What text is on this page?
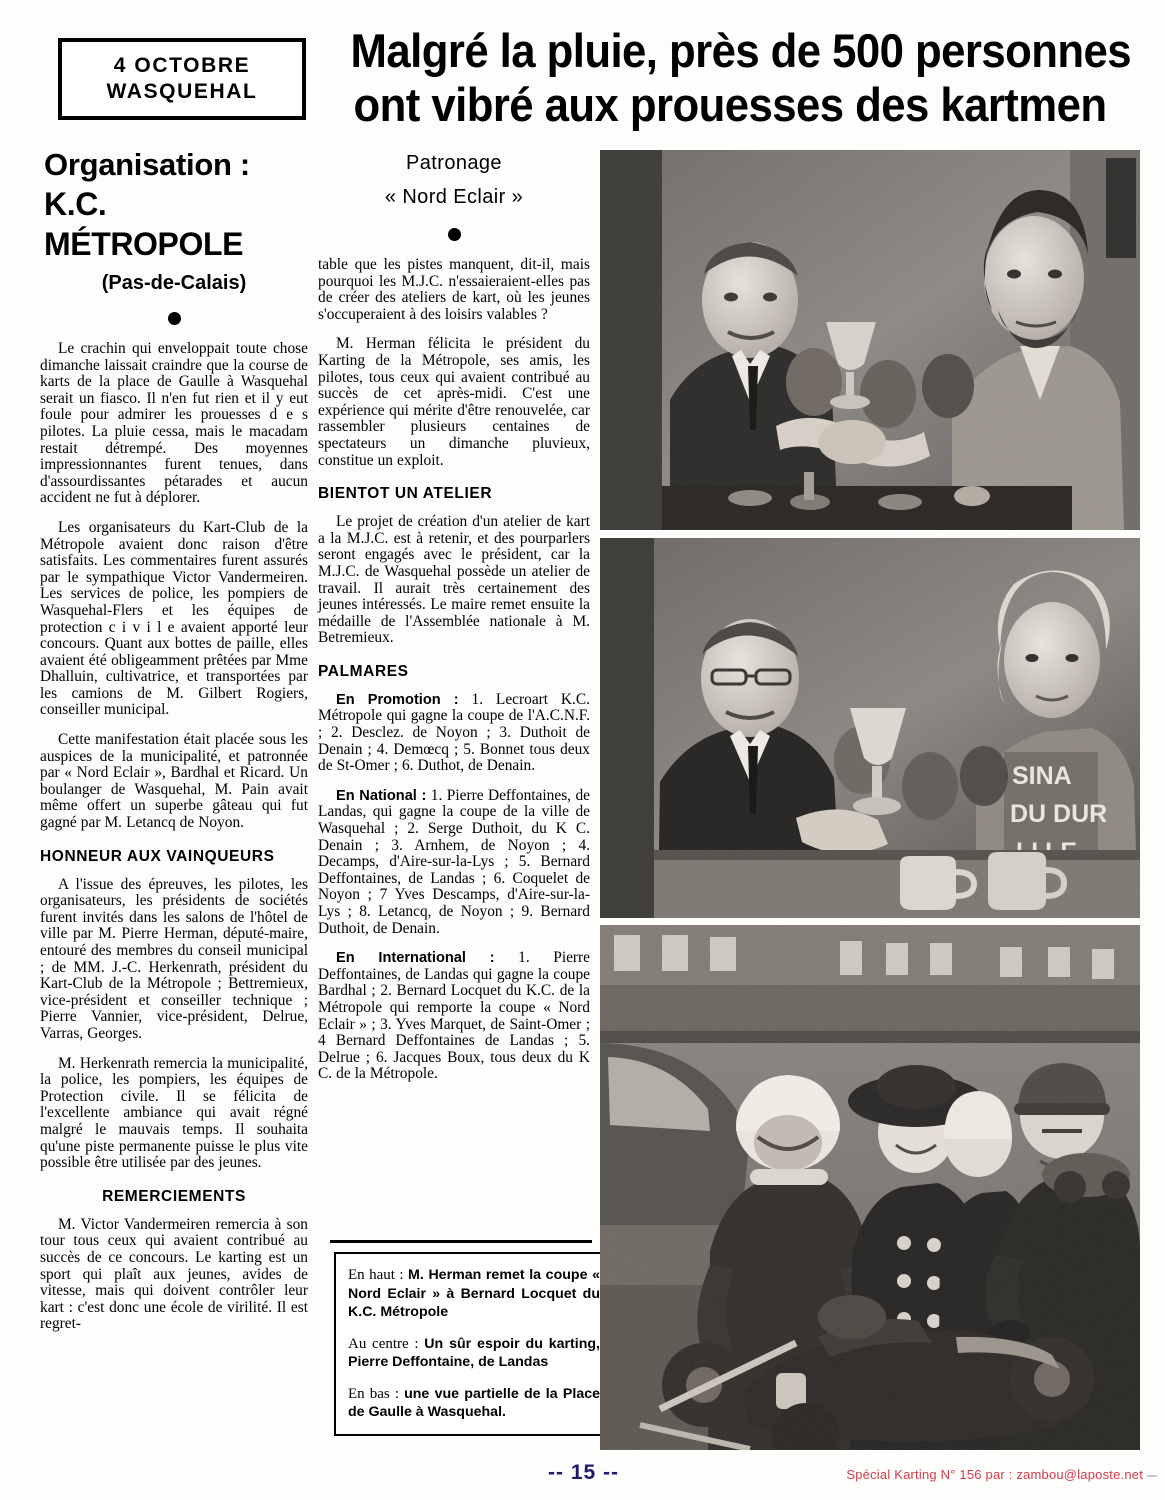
4 OCTOBRE
WASQUEHAL
Malgré la pluie, près de 500 personnes
ont vibré aux prouesses des kartmen
Organisation :
K.C. MÉTROPOLE
(Pas-de-Calais)

Le crachin qui enveloppait toute chose dimanche laissait craindre que la course de karts de la place de Gaulle à Wasquehal serait un fiasco. Il n'en fut rien et il y eut foule pour admirer les prouesses d e s pilotes. La pluie cessa, mais le macadam restait détrempé. Des moyennes impressionnantes furent tenues, dans d'assourdissantes pétarades et aucun accident ne fut à déplorer.

Les organisateurs du Kart-Club de la Métropole avaient donc raison d'être satisfaits. Les commentaires furent assurés par le sympathique Victor Vandermeiren. Les services de police, les pompiers de Wasquehal-Flers et les équipes de protection c i v i l e avaient apporté leur concours. Quant aux bottes de paille, elles avaient été obligeamment prêtées par Mme Dhalluin, cultivatrice, et transportées par les camions de M. Gilbert Rogiers, conseiller municipal.

Cette manifestation était placée sous les auspices de la municipalité, et patronnée par « Nord Eclair », Bardhal et Ricard. Un boulanger de Wasquehal, M. Pain avait même offert un superbe gâteau qui fut gagné par M. Letancq de Noyon.

HONNEUR AUX VAINQUEURS

A l'issue des épreuves, les pilotes, les organisateurs, les présidents de sociétés furent invités dans les salons de l'hôtel de ville par M. Pierre Herman, député-maire, entouré des membres du conseil municipal ; de MM. J.-C. Herkenrath, président du Kart-Club de la Métropole ; Bettremieux, vice-président et conseiller technique ; Pierre Vannier, vice-président, Delrue, Varras, Georges.

M. Herkenrath remercia la municipalité, la police, les pompiers, les équipes de Protection civile. Il se félicita de l'excellente ambiance qui avait régné malgré le mauvais temps. Il souhaita qu'une piste permanente puisse le plus vite possible être utilisée par des jeunes.

REMERCIEMENTS

M. Victor Vandermeiren remercia à son tour tous ceux qui avaient contribué au succès de ce concours. Le karting est un sport qui plaît aux jeunes, avides de vitesse, mais qui doivent contrôler leur kart : c'est donc une école de virilité. Il est regret-

Patronage
« Nord Eclair »

table que les pistes manquent, dit-il, mais pourquoi les M.J.C. n'essaieraient-elles pas de créer des ateliers de kart, où les jeunes s'occuperaient à des loisirs valables ?

M. Herman félicita le président du Karting de la Métropole, ses amis, les pilotes, tous ceux qui avaient contribué au succès de cet après-midi. C'est une expérience qui mérite d'être renouvelée, car rassembler plusieurs centaines de spectateurs un dimanche pluvieux, constitue un exploit.

BIENTOT UN ATELIER

Le projet de création d'un atelier de kart a la M.J.C. est à retenir, et des pourparlers seront engagés avec le président, car la M.J.C. de Wasquehal possède un atelier de travail. Il aurait très certainement des jeunes intéressés. Le maire remet ensuite la médaille de l'Assemblée nationale à M. Betremieux.

PALMARES

En Promotion : 1. Lecroart K.C. Métropole qui gagne la coupe de l'A.C.N.F. ; 2. Desclez. de Noyon ; 3. Duthoit de Denain ; 4. Demœcq ; 5. Bonnet tous deux de St-Omer ; 6. Duthot, de Denain.

En National : 1. Pierre Deffontaines, de Landas, qui gagne la coupe de la ville de Wasquehal ; 2. Serge Duthoit, du K C. Denain ; 3. Arnhem, de Noyon ; 4. Decamps, d'Aire-sur-la-Lys ; 5. Bernard Deffontaines, de Landas ; 6. Coquelet de Noyon ; 7 Yves Descamps, d'Aire-sur-la-Lys ; 8. Letancq, de Noyon ; 9. Bernard Duthoit, de Denain.

En International : 1. Pierre Deffontaines, de Landas qui gagne la coupe Bardhal ; 2. Bernard Locquet du K.C. de la Métropole qui remporte la coupe « Nord Eclair » ; 3. Yves Marquet, de Saint-Omer ; 4 Bernard Deffontaines de Landas ; 5. Delrue ; 6. Jacques Boux, tous deux du K C. de la Métropole.

En haut : M. Herman remet la coupe « Nord Eclair » à Bernard Locquet du K.C. Métropole

Au centre : Un sûr espoir du karting, Pierre Deffontaine, de Landas

En bas : une vue partielle de la Place de Gaulle à Wasquehal.

-- 15 --	Spécial Karting N° 156 par : zambou@laposte.net
